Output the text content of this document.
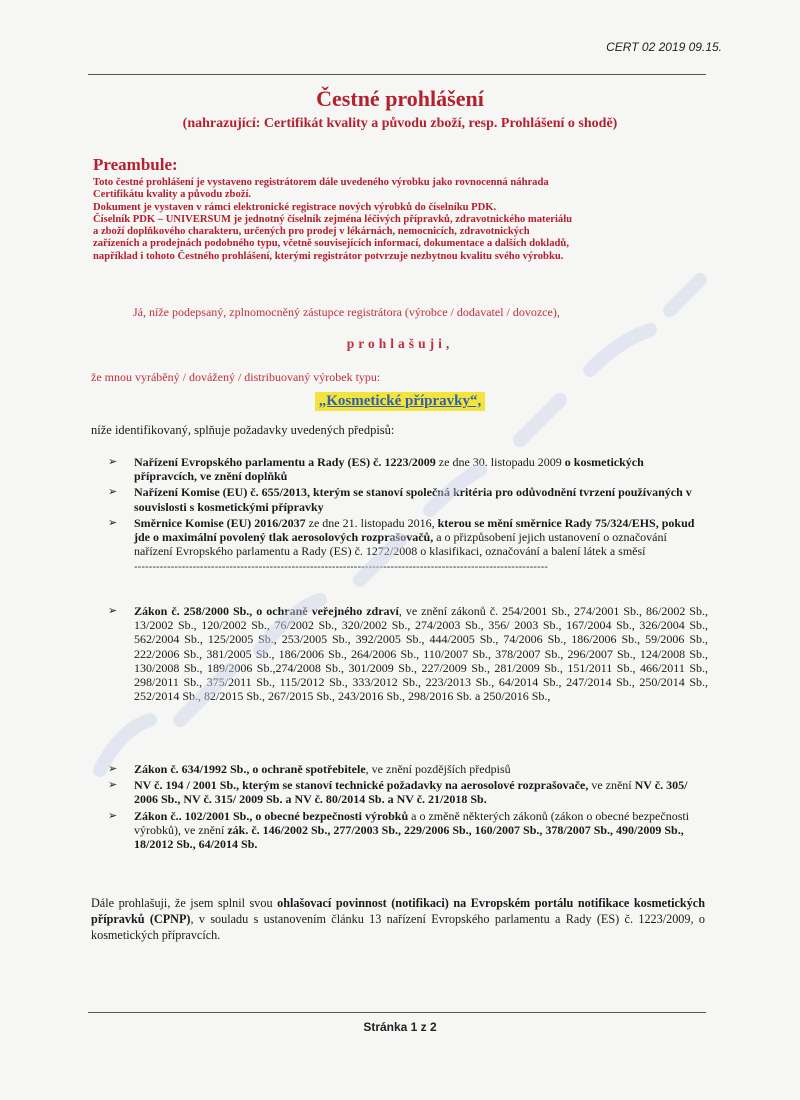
CERT 02 2019 09.15.
Čestné prohlášení
(nahrazující: Certifikát kvality a původu zboží, resp. Prohlášení o shodě)
Preambule:
Toto čestné prohlášení je vystaveno registrátorem dále uvedeného výrobku jako rovnocenná náhrada
Certifikátu kvality a původu zboží.
Dokument je vystaven v rámci elektronické registrace nových výrobků do číselníku PDK.
Číselník PDK – UNIVERSUM je jednotný číselník zejména léčivých přípravků, zdravotnického materiálu
a zboží doplňkového charakteru, určených pro prodej v lékárnách, nemocnicích, zdravotnických
zařízeních a prodejnách podobného typu, včetně souvisejících informací, dokumentace a dalších dokladů,
například i tohoto Čestného prohlášení, kterými registrátor potvrzuje nezbytnou kvalitu svého výrobku.
Já, níže podepsaný, zplnomocněný zástupce registrátora (výrobce / dodavatel / dovozce),
prohlašuji,
že mnou vyráběný / dovážený / distribuovaný výrobek typu:
„Kosmetické přípravky“,
níže identifikovaný, splňuje požadavky uvedených předpisů:
➢ Nařízení Evropského parlamentu a Rady (ES) č. 1223/2009 ze dne 30. listopadu 2009 o kosmetických přípravcích, ve znění doplňků
➢ Nařízení Komise (EU) č. 655/2013, kterým se stanoví společná kritéria pro odůvodnění tvrzení používaných v souvislosti s kosmetickými přípravky
➢ Směrnice Komise (EU) 2016/2037 ze dne 21. listopadu 2016, kterou se mění směrnice Rady 75/324/EHS, pokud jde o maximální povolený tlak aerosolových rozprašovačů, a o přizpůsobení jejich ustanovení o označování nařízení Evropského parlamentu a Rady (ES) č. 1272/2008 o klasifikaci, označování a balení látek a směsí
-----------------------------------------------------------------------------------------------------------------
➢ Zákon č. 258/2000 Sb., o ochraně veřejného zdraví, ve znění zákonů č. 254/2001 Sb., 274/2001 Sb., 86/2002 Sb., 13/2002 Sb., 120/2002 Sb., 76/2002 Sb., 320/2002 Sb., 274/2003 Sb., 356/ 2003 Sb., 167/2004 Sb., 326/2004 Sb., 562/2004 Sb., 125/2005 Sb., 253/2005 Sb., 392/2005 Sb., 444/2005 Sb., 74/2006 Sb., 186/2006 Sb., 59/2006 Sb., 222/2006 Sb., 381/2005 Sb., 186/2006 Sb., 264/2006 Sb., 110/2007 Sb., 378/2007 Sb., 296/2007 Sb., 124/2008 Sb., 130/2008 Sb., 189/2006 Sb.,274/2008 Sb., 301/2009 Sb., 227/2009 Sb., 281/2009 Sb., 151/2011 Sb., 466/2011 Sb., 298/2011 Sb., 375/2011 Sb., 115/2012 Sb., 333/2012 Sb., 223/2013 Sb., 64/2014 Sb., 247/2014 Sb., 250/2014 Sb., 252/2014 Sb., 82/2015 Sb., 267/2015 Sb., 243/2016 Sb., 298/2016 Sb. a 250/2016 Sb.,
➢ Zákon č. 634/1992 Sb., o ochraně spotřebitele, ve znění pozdějších předpisů
➢ NV č. 194 / 2001 Sb., kterým se stanoví technické požadavky na aerosolové rozprašovače, ve znění NV č. 305/ 2006 Sb., NV č. 315/ 2009 Sb. a NV č. 80/2014 Sb. a NV č. 21/2018 Sb.
➢ Zákon č.. 102/2001 Sb., o obecné bezpečnosti výrobků a o změně některých zákonů (zákon o obecné bezpečnosti výrobků), ve znění zák. č. 146/2002 Sb., 277/2003 Sb., 229/2006 Sb., 160/2007 Sb., 378/2007 Sb., 490/2009 Sb., 18/2012 Sb., 64/2014 Sb.
Dále prohlašuji, že jsem splnil svou ohlašovací povinnost (notifikaci) na Evropském portálu notifikace kosmetických přípravků (CPNP), v souladu s ustanovením článku 13 nařízení Evropského parlamentu a Rady (ES) č. 1223/2009, o kosmetických přípravcích.
Stránka 1 z 2
